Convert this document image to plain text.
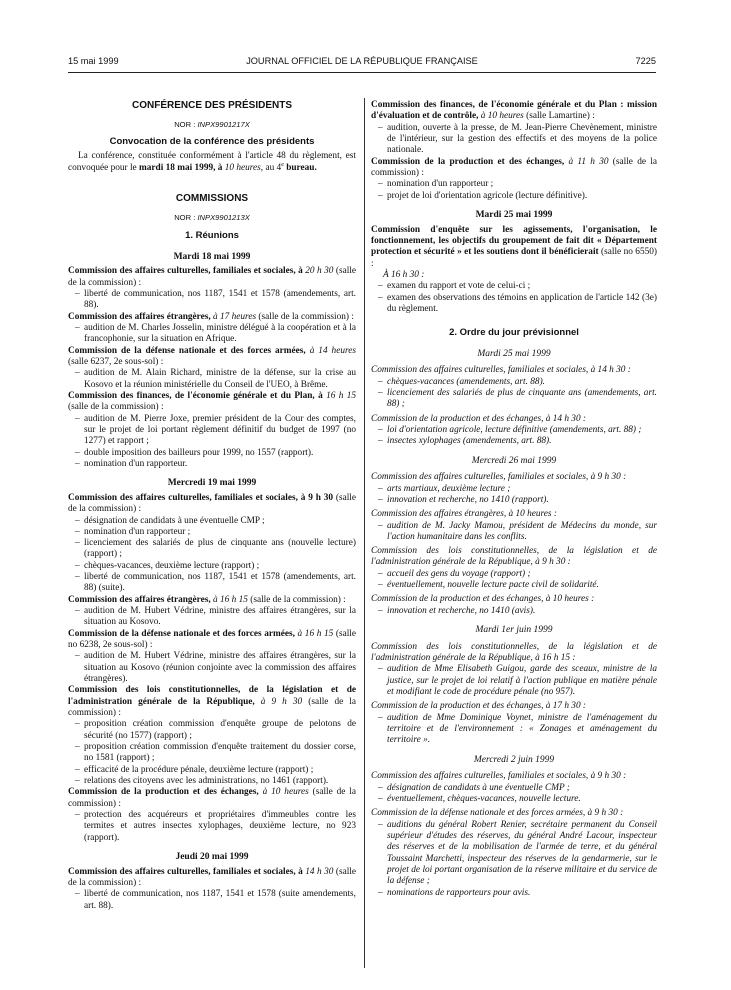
15 mai 1999	JOURNAL OFFICIEL DE LA RÉPUBLIQUE FRANÇAISE	7225
CONFÉRENCE DES PRÉSIDENTS
NOR : INPX9901217X
Convocation de la conférence des présidents
La conférence, constituée conformément à l'article 48 du règlement, est convoquée pour le mardi 18 mai 1999, à 10 heures, au 4e bureau.
COMMISSIONS
NOR : INPX9901213X
1. Réunions
Mardi 18 mai 1999
Commission des affaires culturelles, familiales et sociales, à 20 h 30 (salle de la commission) :
– liberté de communication, nos 1187, 1541 et 1578 (amendements, art. 88).
Commission des affaires étrangères, à 17 heures (salle de la commission) :
– audition de M. Charles Josselin, ministre délégué à la coopération et à la francophonie, sur la situation en Afrique.
Commission de la défense nationale et des forces armées, à 14 heures (salle 6237, 2e sous-sol) :
– audition de M. Alain Richard, ministre de la défense, sur la crise au Kosovo et la réunion ministérielle du Conseil de l'UEO, à Brême.
Commission des finances, de l'économie générale et du Plan, à 16 h 15 (salle de la commission) :
– audition de M. Pierre Joxe, premier président de la Cour des comptes, sur le projet de loi portant règlement définitif du budget de 1997 (no 1277) et rapport ;
– double imposition des bailleurs pour 1999, no 1557 (rapport).
– nomination d'un rapporteur.
Mercredi 19 mai 1999
Commission des affaires culturelles, familiales et sociales, à 9 h 30 (salle de la commission) :
– désignation de candidats à une éventuelle CMP ;
– nomination d'un rapporteur ;
– licenciement des salariés de plus de cinquante ans (nouvelle lecture) (rapport) ;
– chèques-vacances, deuxième lecture (rapport) ;
– liberté de communication, nos 1187, 1541 et 1578 (amendements, art. 88) (suite).
Commission des affaires étrangères, à 16 h 15 (salle de la commission) :
– audition de M. Hubert Védrine, ministre des affaires étrangères, sur la situation au Kosovo.
Commission de la défense nationale et des forces armées, à 16 h 15 (salle no 6238, 2e sous-sol) :
– audition de M. Hubert Védrine, ministre des affaires étrangères, sur la situation au Kosovo (réunion conjointe avec la commission des affaires étrangères).
Commission des lois constitutionnelles, de la législation et de l'administration générale de la République, à 9 h 30 (salle de la commission) :
– proposition création commission d'enquête groupe de pelotons de sécurité (no 1577) (rapport) ;
– proposition création commission d'enquête traitement du dossier corse, no 1581 (rapport) ;
– efficacité de la procédure pénale, deuxième lecture (rapport) ;
– relations des citoyens avec les administrations, no 1461 (rapport).
Commission de la production et des échanges, à 10 heures (salle de la commission) :
– protection des acquéreurs et propriétaires d'immeubles contre les termites et autres insectes xylophages, deuxième lecture, no 923 (rapport).
Jeudi 20 mai 1999
Commission des affaires culturelles, familiales et sociales, à 14 h 30 (salle de la commission) :
– liberté de communication, nos 1187, 1541 et 1578 (suite amendements, art. 88).
Commission des finances, de l'économie générale et du Plan : mission d'évaluation et de contrôle, à 10 heures (salle Lamartine) :
– audition, ouverte à la presse, de M. Jean-Pierre Chevènement, ministre de l'intérieur, sur la gestion des effectifs et des moyens de la police nationale.
Commission de la production et des échanges, à 11 h 30 (salle de la commission) :
– nomination d'un rapporteur ;
– projet de loi d'orientation agricole (lecture définitive).
Mardi 25 mai 1999
Commission d'enquête sur les agissements, l'organisation, le fonctionnement, les objectifs du groupement de fait dit « Département protection et sécurité » et les soutiens dont il bénéficierait (salle no 6550) :
À 16 h 30 :
– examen du rapport et vote de celui-ci ;
– examen des observations des témoins en application de l'article 142 (3e) du règlement.
2. Ordre du jour prévisionnel
Mardi 25 mai 1999
Commission des affaires culturelles, familiales et sociales, à 14 h 30 :
– chèques-vacances (amendements, art. 88).
– licenciement des salariés de plus de cinquante ans (amendements, art. 88) ;
Commission de la production et des échanges, à 14 h 30 :
– loi d'orientation agricole, lecture définitive (amendements, art. 88) ;
– insectes xylophages (amendements, art. 88).
Mercredi 26 mai 1999
Commission des affaires culturelles, familiales et sociales, à 9 h 30 :
– arts martiaux, deuxième lecture ;
– innovation et recherche, no 1410 (rapport).
Commission des affaires étrangères, à 10 heures :
– audition de M. Jacky Mamou, président de Médecins du monde, sur l'action humanitaire dans les conflits.
Commission des lois constitutionnelles, de la législation et de l'administration générale de la République, à 9 h 30 :
– accueil des gens du voyage (rapport) ;
– éventuellement, nouvelle lecture pacte civil de solidarité.
Commission de la production et des échanges, à 10 heures :
– innovation et recherche, no 1410 (avis).
Mardi 1er juin 1999
Commission des lois constitutionnelles, de la législation et de l'administration générale de la République, à 16 h 15 :
– audition de Mme Elisabeth Guigou, garde des sceaux, ministre de la justice, sur le projet de loi relatif à l'action publique en matière pénale et modifiant le code de procédure pénale (no 957).
Commission de la production et des échanges, à 17 h 30 :
– audition de Mme Dominique Voynet, ministre de l'aménagement du territoire et de l'environnement : « Zonages et aménagement du territoire ».
Mercredi 2 juin 1999
Commission des affaires culturelles, familiales et sociales, à 9 h 30 :
– désignation de candidats à une éventuelle CMP ;
– éventuellement, chèques-vacances, nouvelle lecture.
Commission de la défense nationale et des forces armées, à 9 h 30 :
– auditions du général Robert Renier, secrétaire permanent du Conseil supérieur d'études des réserves, du général André Lacour, inspecteur des réserves et de la mobilisation de l'armée de terre, et du général Toussaint Marchetti, inspecteur des réserves de la gendarmerie, sur le projet de loi portant organisation de la réserve militaire et du service de la défense ;
– nominations de rapporteurs pour avis.
